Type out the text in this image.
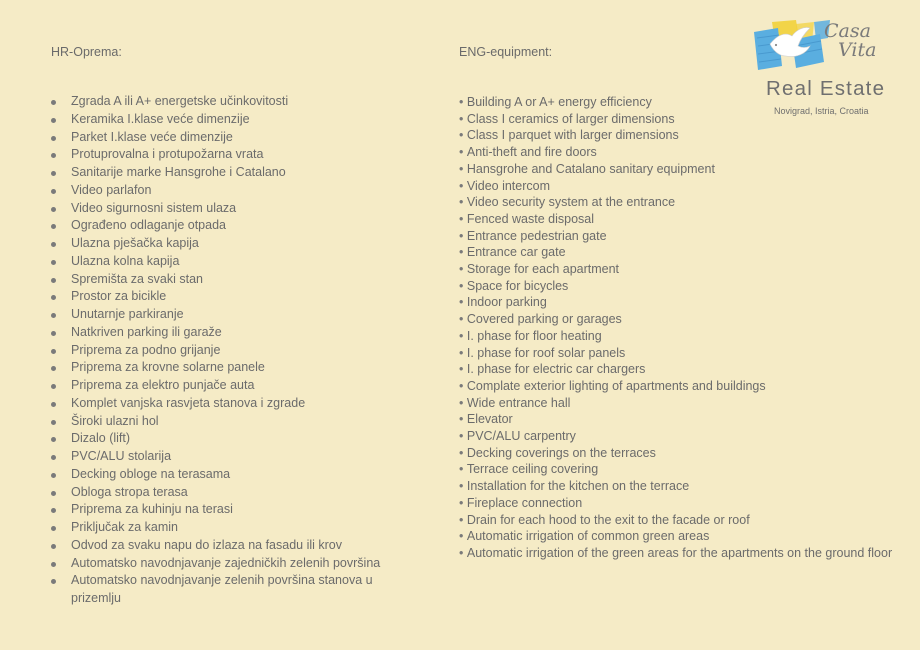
HR-Oprema:
Zgrada A ili A+ energetske učinkovitosti
Keramika I.klase veće dimenzije
Parket I.klase veće dimenzije
Protuprovalna i protupožarna vrata
Sanitarije marke Hansgrohe i Catalano
Video parlafon
Video sigurnosni sistem ulaza
Ograđeno odlaganje otpada
Ulazna pješačka kapija
Ulazna kolna kapija
Spremišta za svaki stan
Prostor za bicikle
Unutarnje parkiranje
Natkriven parking ili garaže
Priprema za podno grijanje
Priprema za krovne solarne panele
Priprema za elektro punjače auta
Komplet vanjska rasvjeta stanova i zgrade
Široki ulazni hol
Dizalo (lift)
PVC/ALU stolarija
Decking obloge na terasama
Obloga stropa terasa
Priprema za kuhinju na terasi
Priključak za kamin
Odvod za svaku napu do izlaza na fasadu ili krov
Automatsko navodnjavanje zajedničkih zelenih površina
Automatsko navodnjavanje zelenih površina stanova u prizemlju
ENG-equipment:
• Building A or A+ energy efficiency
• Class I ceramics of larger dimensions
• Class I parquet with larger dimensions
• Anti-theft and fire doors
• Hansgrohe and Catalano sanitary equipment
• Video intercom
• Video security system at the entrance
• Fenced waste disposal
• Entrance pedestrian gate
• Entrance car gate
• Storage for each apartment
• Space for bicycles
• Indoor parking
• Covered parking or garages
• I. phase for floor heating
• I. phase for roof solar panels
• I. phase for electric car chargers
• Complate exterior lighting of apartments and buildings
• Wide entrance hall
• Elevator
• PVC/ALU carpentry
• Decking coverings on the terraces
• Terrace ceiling covering
• Installation for the kitchen on the terrace
• Fireplace connection
• Drain for each hood to the exit to the facade or roof
• Automatic irrigation of common green areas
• Automatic irrigation of the green areas for the apartments on the ground floor
Casa
Vita
Real Estate
Novigrad, Istria, Croatia
